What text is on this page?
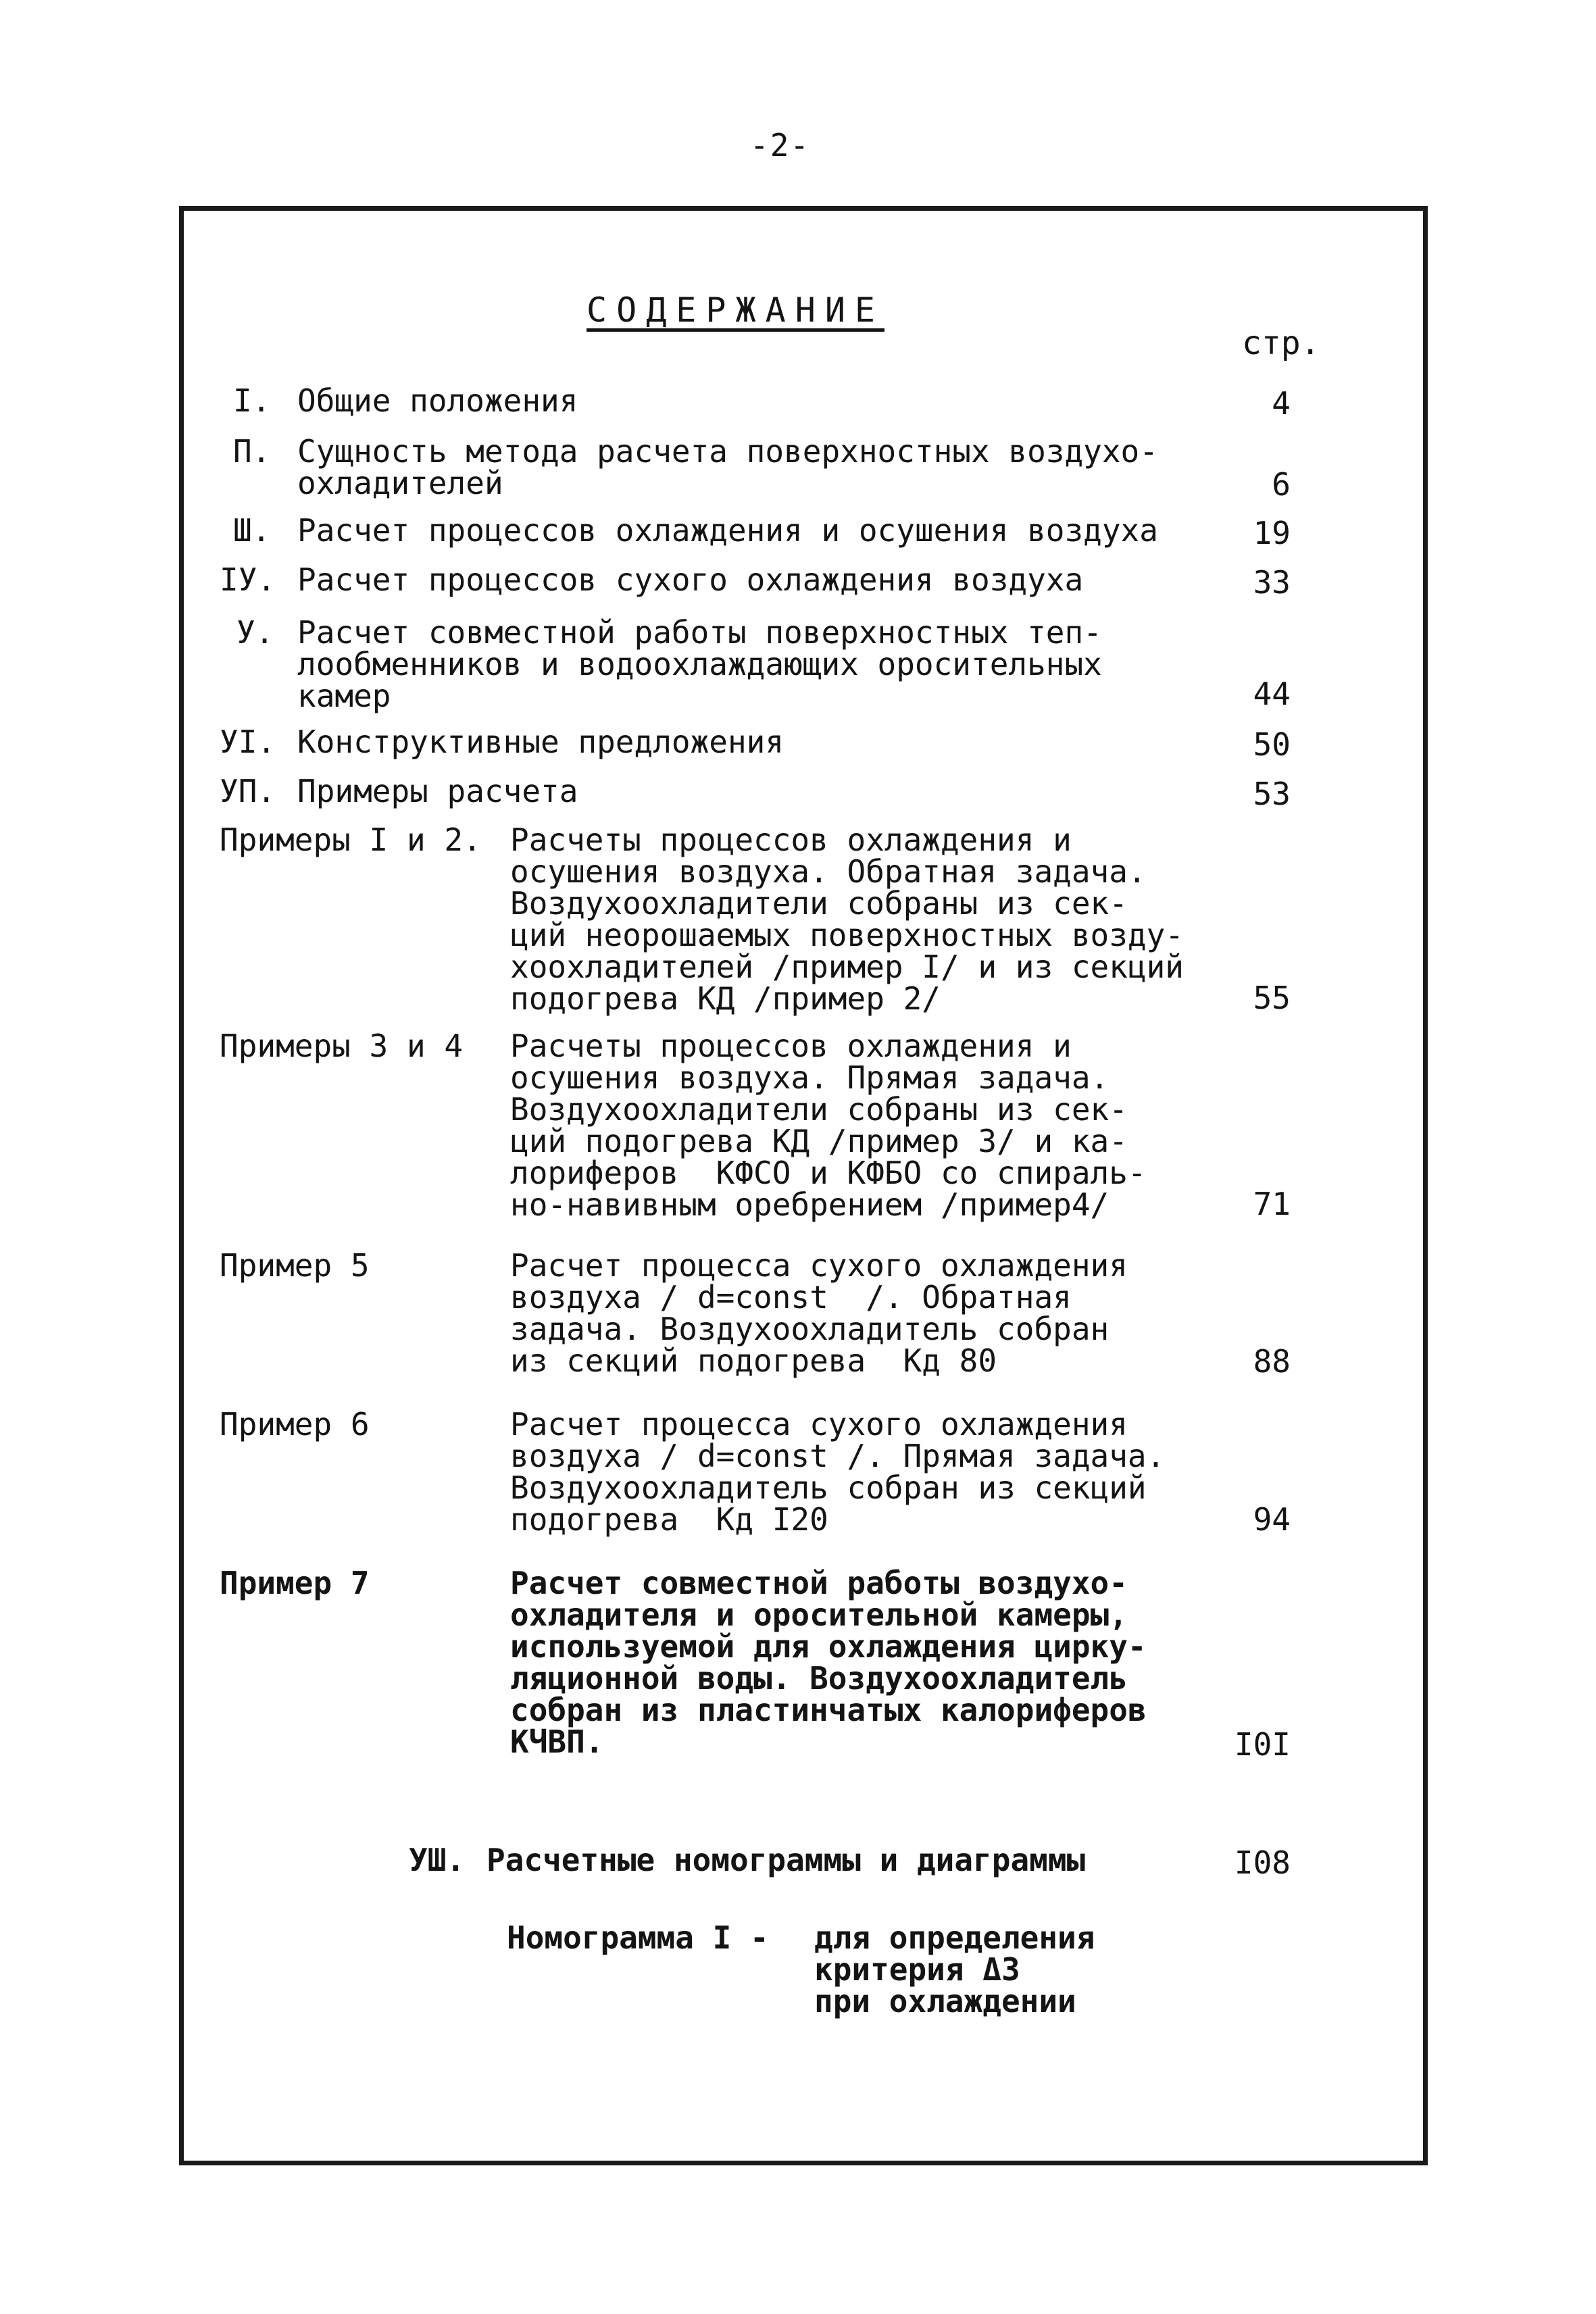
-2-
СОДЕРЖАНИЕ
стр.
I. Общие положения	4
П. Сущность метода расчета поверхностных воздухо-
охладителей	6
Ш. Расчет процессов охлаждения и осушения воздуха	19
IУ. Расчет процессов сухого охлаждения воздуха	33
У. Расчет совместной работы поверхностных теп-
лообменников и водоохлаждающих оросительных
камер	44
УI. Конструктивные предложения	50
УП. Примеры расчета	53
Примеры I и 2. Расчеты процессов охлаждения и
осушения воздуха. Обратная задача.
Воздухоохладители собраны из сек-
ций неорошаемых поверхностных возду-
хоохладителей /пример I/ и из секций
подогрева КД /пример 2/	55
Примеры 3 и 4 Расчеты процессов охлаждения и
осушения воздуха. Прямая задача.
Воздухоохладители собраны из сек-
ций подогрева КД /пример 3/ и ка-
лориферов  КФСО и КФБО со спираль-
но-навивным оребрением /пример4/	71
Пример 5	Расчет процесса сухого охлаждения
воздуха / d=const  /. Обратная
задача. Воздухоохладитель собран
из секций подогрева  Кд 80	88
Пример 6	Расчет процесса сухого охлаждения
воздуха / d=const /. Прямая задача.
Воздухоохладитель собран из секций
подогрева  Кд I20	94
Пример 7	Расчет совместной работы воздухо-
охладителя и оросительной камеры,
используемой для охлаждения цирку-
ляционной воды. Воздухоохладитель
собран из пластинчатых калориферов
КЧВП.	I0I
УШ. Расчетные номограммы и диаграммы	I08
Номограмма I - для определения
критерия Δ3
при охлаждении
